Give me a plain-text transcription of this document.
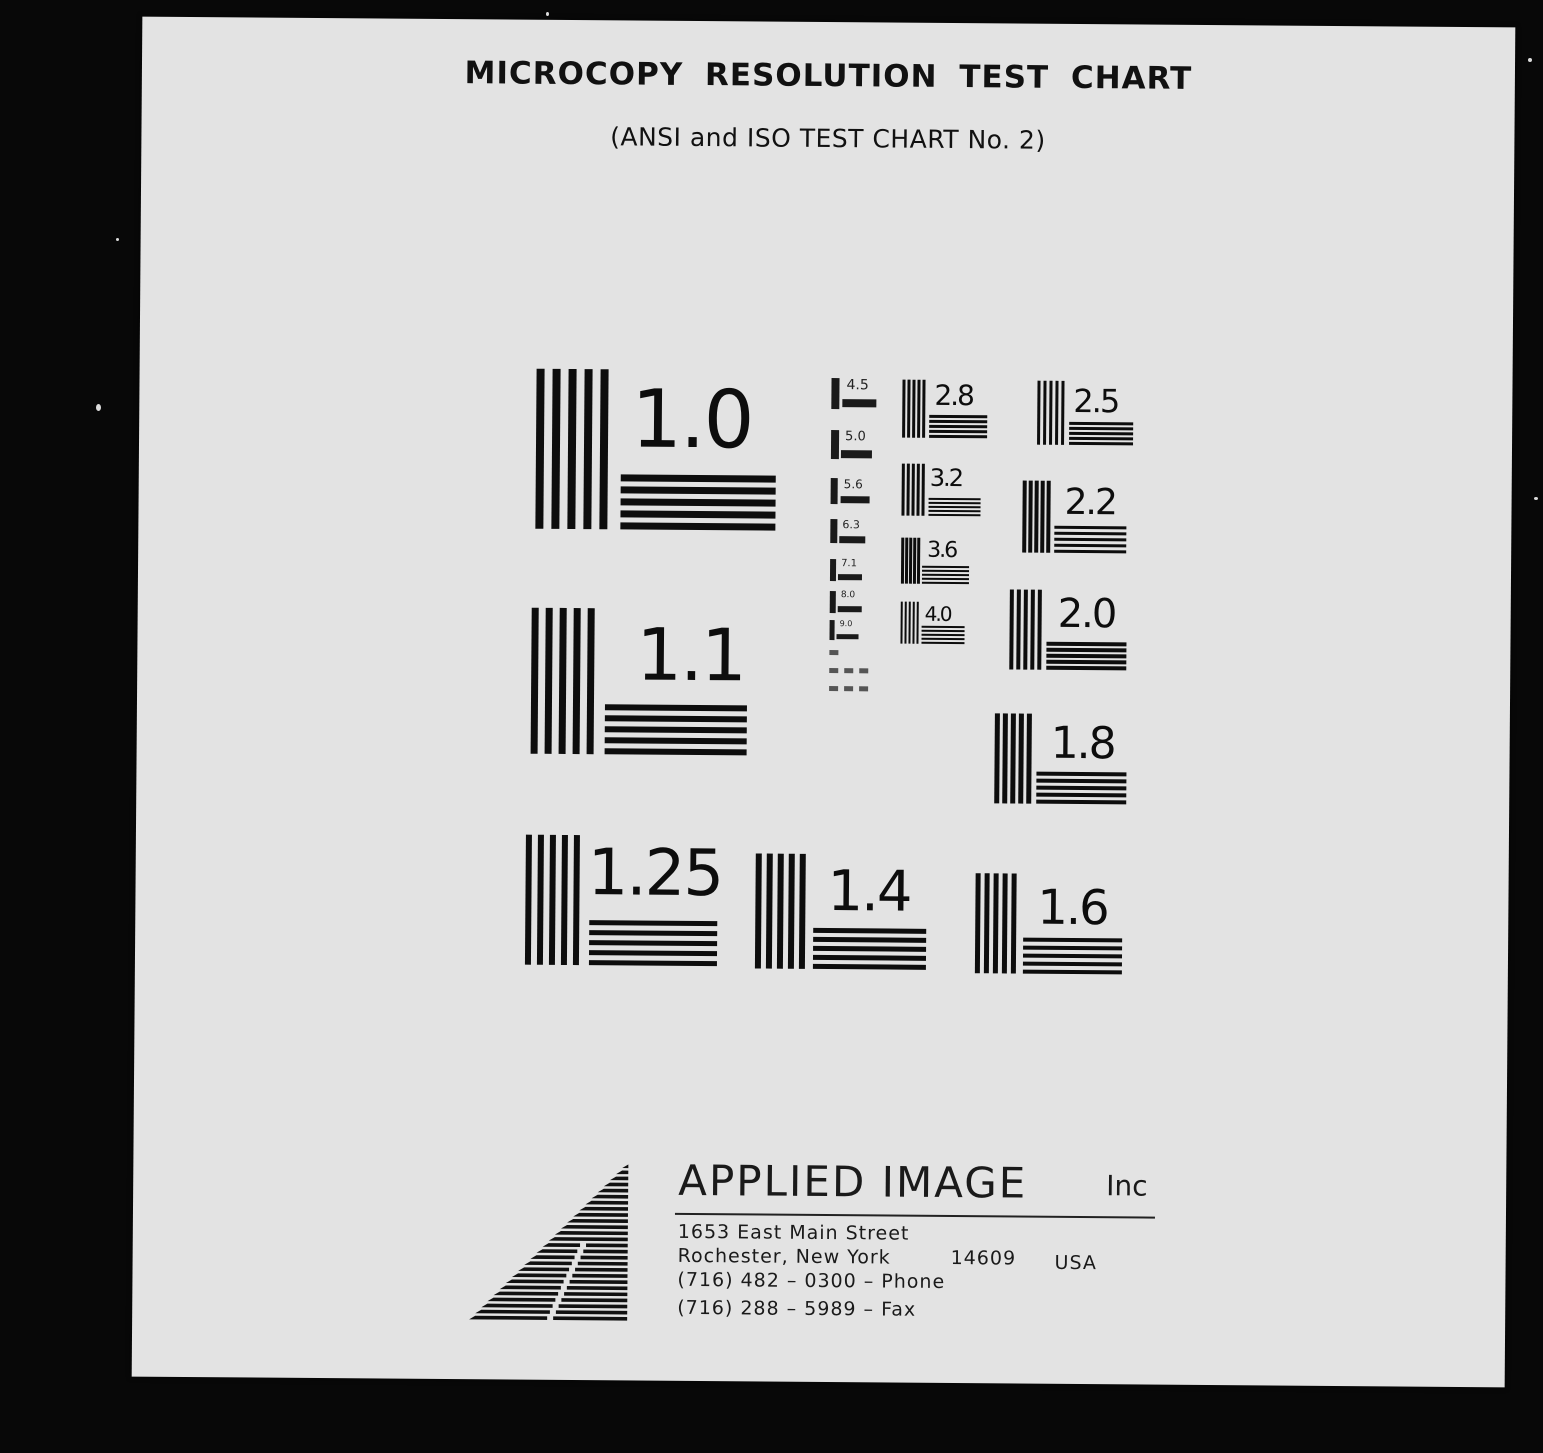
MICROCOPY RESOLUTION TEST CHART
(ANSI and ISO TEST CHART No. 2)
1.0
1.1
1.25 1.4	1.6
1.8
2.0
2.2
2.5
2.8
3.2
3.6
4.0
4.5
5.0
5.6
6.3
7.1
8.0
9.0
APPLIED IMAGE	Inc
1653 East Main Street
Rochester, New York	14609 USA
(716) 482 – 0300 – Phone
(716) 288 – 5989 – Fax
